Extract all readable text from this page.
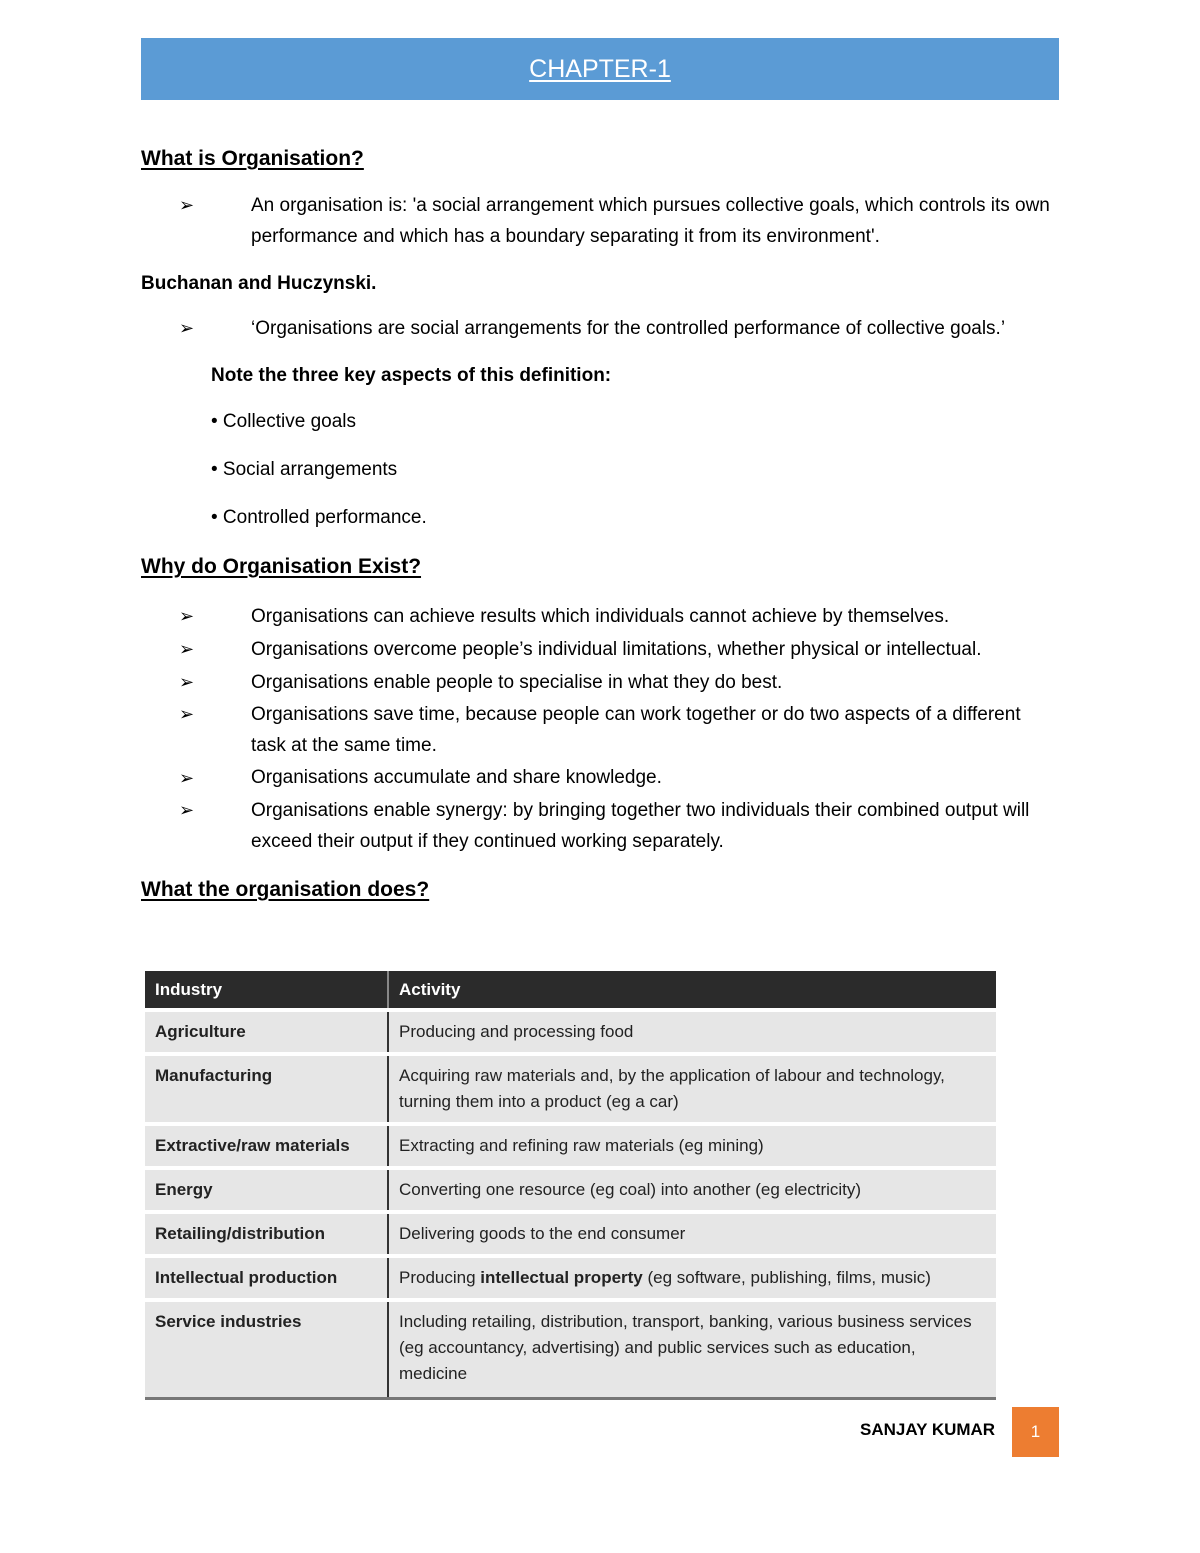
CHAPTER-1

What is Organisation?

➢	An organisation is: 'a social arrangement which pursues collective goals, which controls its own performance and which has a boundary separating it from its environment'.
Buchanan and Huczynski.
➢	‘Organisations are social arrangements for the controlled performance of collective goals.’
Note the three key aspects of this definition:
• Collective goals
• Social arrangements
• Controlled performance.

Why do Organisation Exist?

➢	Organisations can achieve results which individuals cannot achieve by themselves.
➢	Organisations overcome people’s individual limitations, whether physical or intellectual.
➢	Organisations enable people to specialise in what they do best.
➢	Organisations save time, because people can work together or do two aspects of a different task at the same time.
➢	Organisations accumulate and share knowledge.
➢	Organisations enable synergy: by bringing together two individuals their combined output will exceed their output if they continued working separately.

What the organisation does?

Industry	Activity
Agriculture	Producing and processing food
Manufacturing	Acquiring raw materials and, by the application of labour and technology, turning them into a product (eg a car)
Extractive/raw materials	Extracting and refining raw materials (eg mining)
Energy	Converting one resource (eg coal) into another (eg electricity)
Retailing/distribution	Delivering goods to the end consumer
Intellectual production	Producing intellectual property (eg software, publishing, films, music)
Service industries	Including retailing, distribution, transport, banking, various business services (eg accountancy, advertising) and public services such as education, medicine
SANJAY KUMAR	1
